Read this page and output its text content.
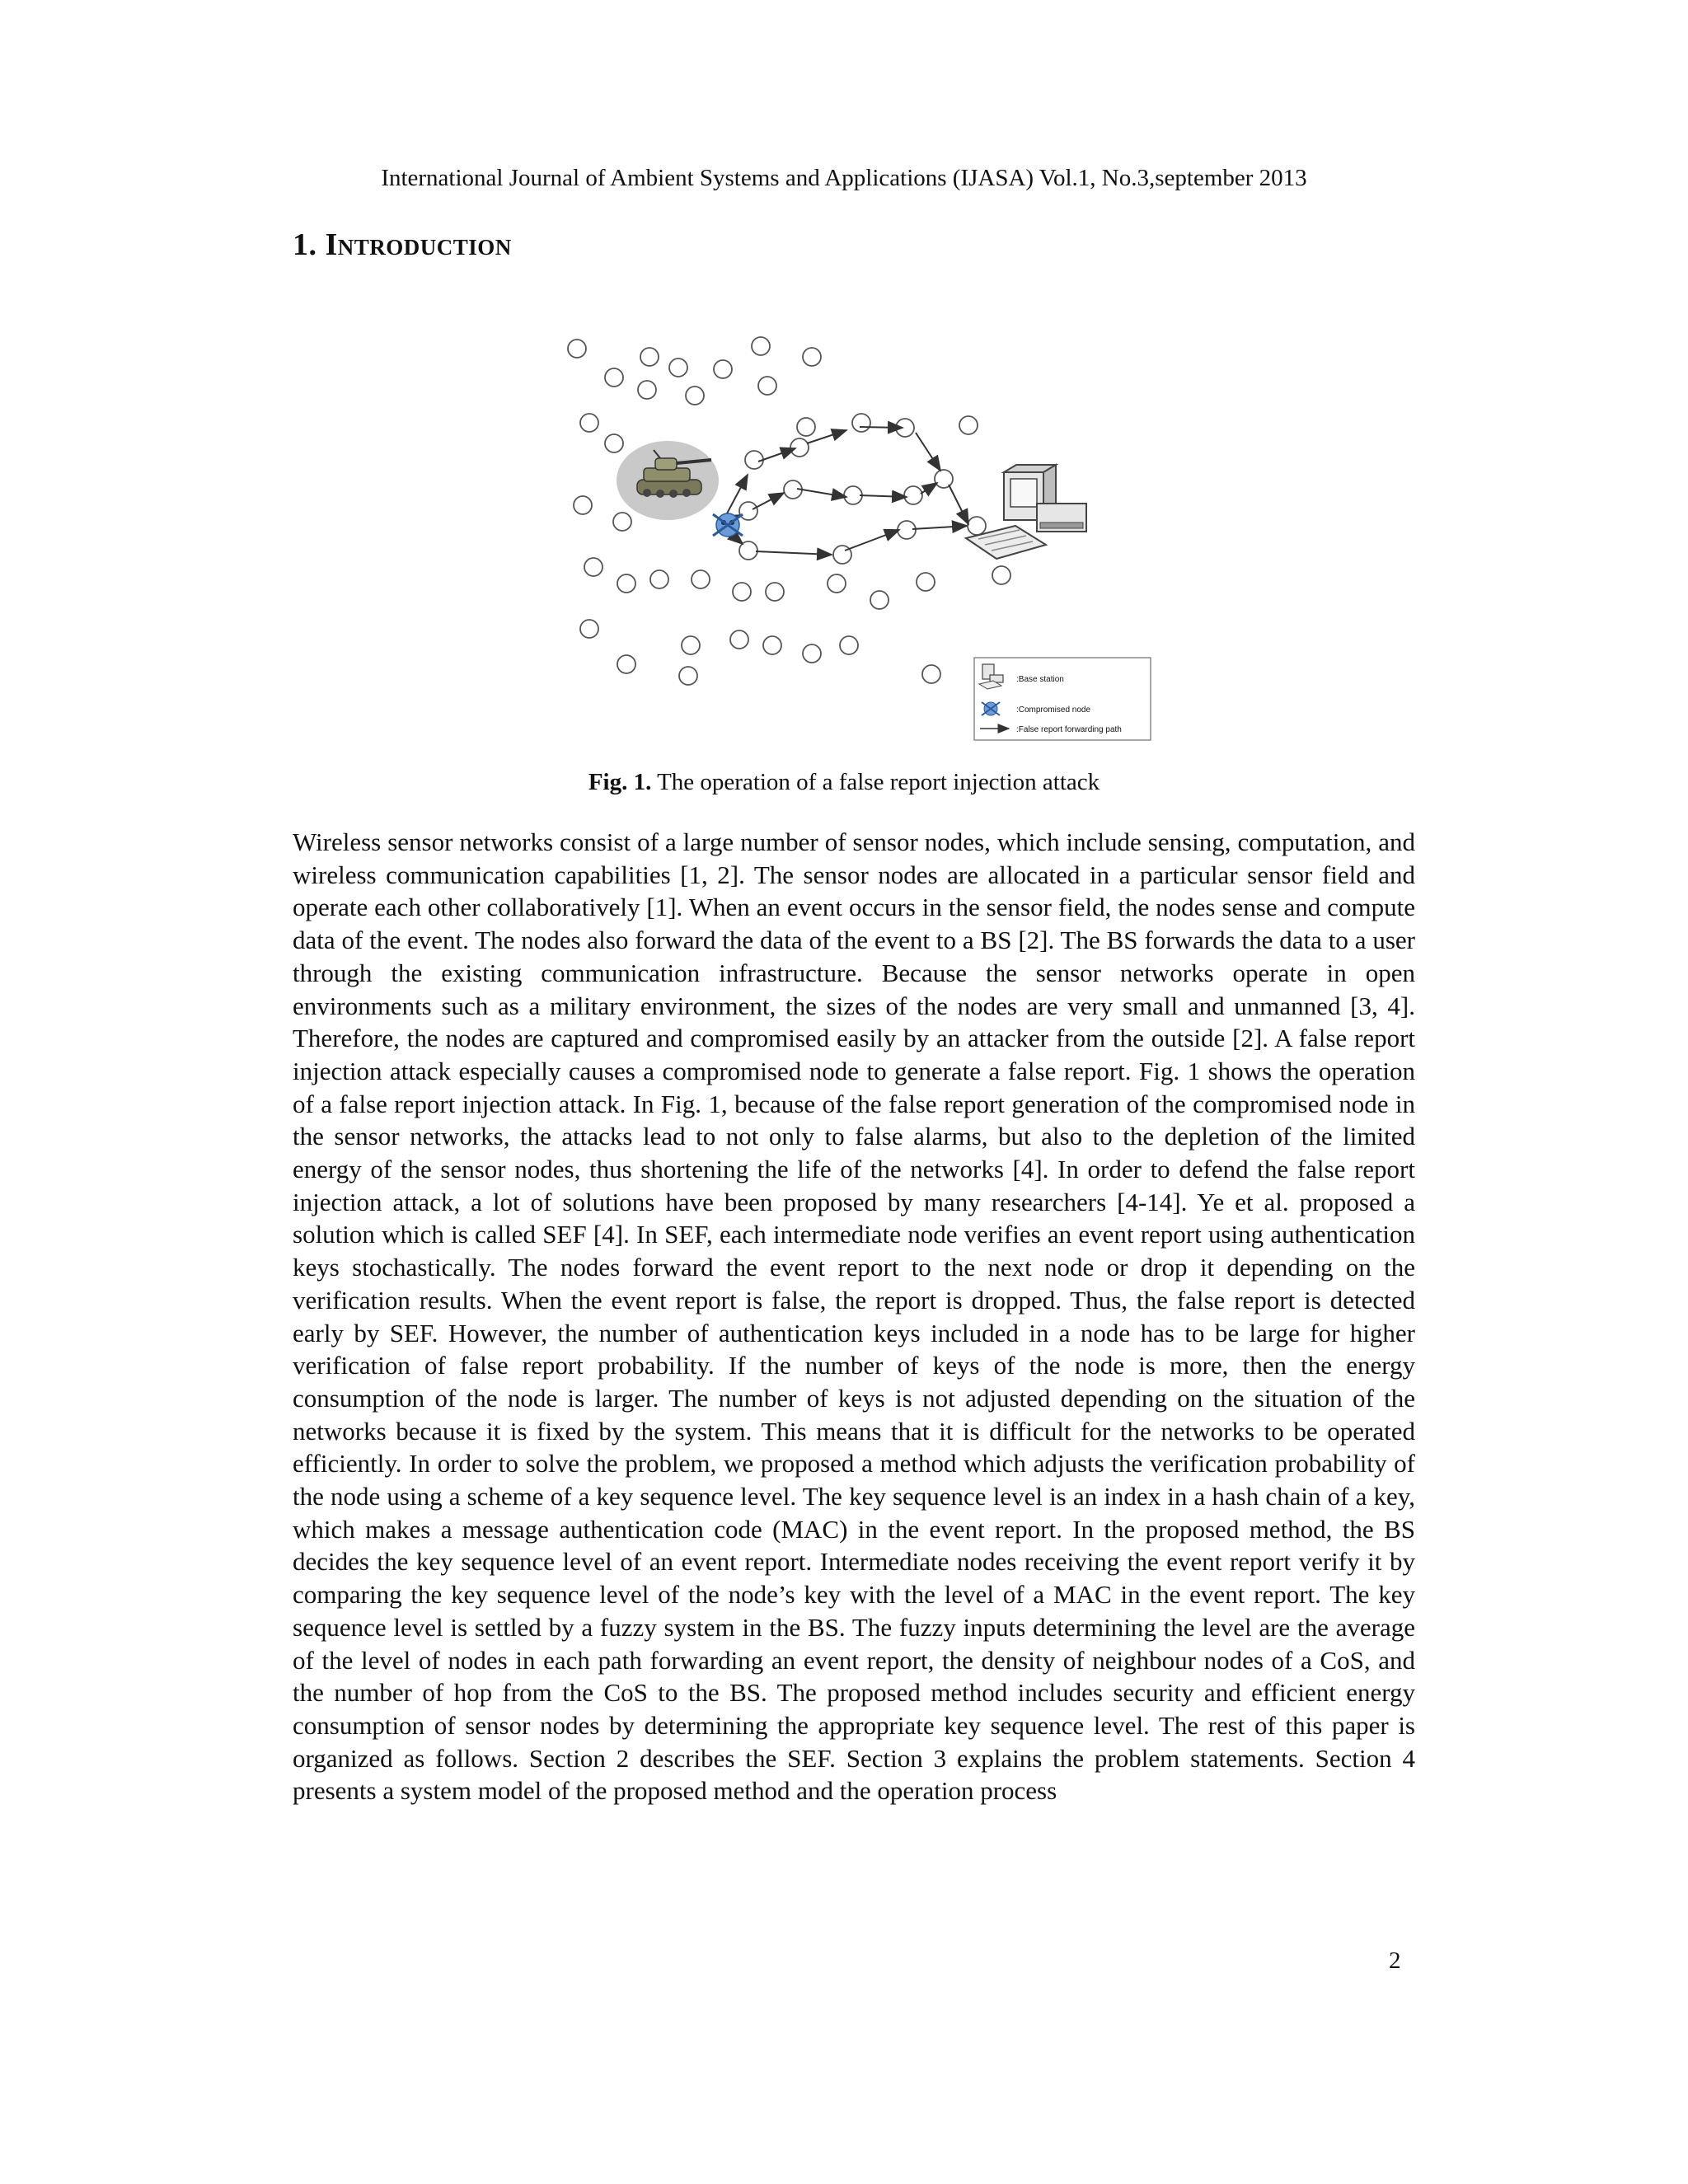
International Journal of Ambient Systems and Applications (IJASA) Vol.1, No.3,september 2013
1. Introduction
:Base station
:Compromised node
:False report forwarding path
Fig. 1. The operation of a false report injection attack
Wireless sensor networks consist of a large number of sensor nodes, which include sensing, computation, and wireless communication capabilities [1, 2]. The sensor nodes are allocated in a particular sensor field and operate each other collaboratively [1]. When an event occurs in the sensor field, the nodes sense and compute data of the event. The nodes also forward the data of the event to a BS [2]. The BS forwards the data to a user through the existing communication infrastructure. Because the sensor networks operate in open environments such as a military environment, the sizes of the nodes are very small and unmanned [3, 4]. Therefore, the nodes are captured and compromised easily by an attacker from the outside [2]. A false report injection attack especially causes a compromised node to generate a false report. Fig. 1 shows the operation of a false report injection attack. In Fig. 1, because of the false report generation of the compromised node in the sensor networks, the attacks lead to not only to false alarms, but also to the depletion of the limited energy of the sensor nodes, thus shortening the life of the networks [4]. In order to defend the false report injection attack, a lot of solutions have been proposed by many researchers [4-14]. Ye et al. proposed a solution which is called SEF [4]. In SEF, each intermediate node verifies an event report using authentication keys stochastically. The nodes forward the event report to the next node or drop it depending on the verification results. When the event report is false, the report is dropped. Thus, the false report is detected early by SEF. However, the number of authentication keys included in a node has to be large for higher verification of false report probability. If the number of keys of the node is more, then the energy consumption of the node is larger. The number of keys is not adjusted depending on the situation of the networks because it is fixed by the system. This means that it is difficult for the networks to be operated efficiently. In order to solve the problem, we proposed a method which adjusts the verification probability of the node using a scheme of a key sequence level. The key sequence level is an index in a hash chain of a key, which makes a message authentication code (MAC) in the event report. In the proposed method, the BS decides the key sequence level of an event report. Intermediate nodes receiving the event report verify it by comparing the key sequence level of the node’s key with the level of a MAC in the event report. The key sequence level is settled by a fuzzy system in the BS. The fuzzy inputs determining the level are the average of the level of nodes in each path forwarding an event report, the density of neighbour nodes of a CoS, and the number of hop from the CoS to the BS. The proposed method includes security and efficient energy consumption of sensor nodes by determining the appropriate key sequence level. The rest of this paper is organized as follows. Section 2 describes the SEF. Section 3 explains the problem statements. Section 4 presents a system model of the proposed method and the operation process
2
